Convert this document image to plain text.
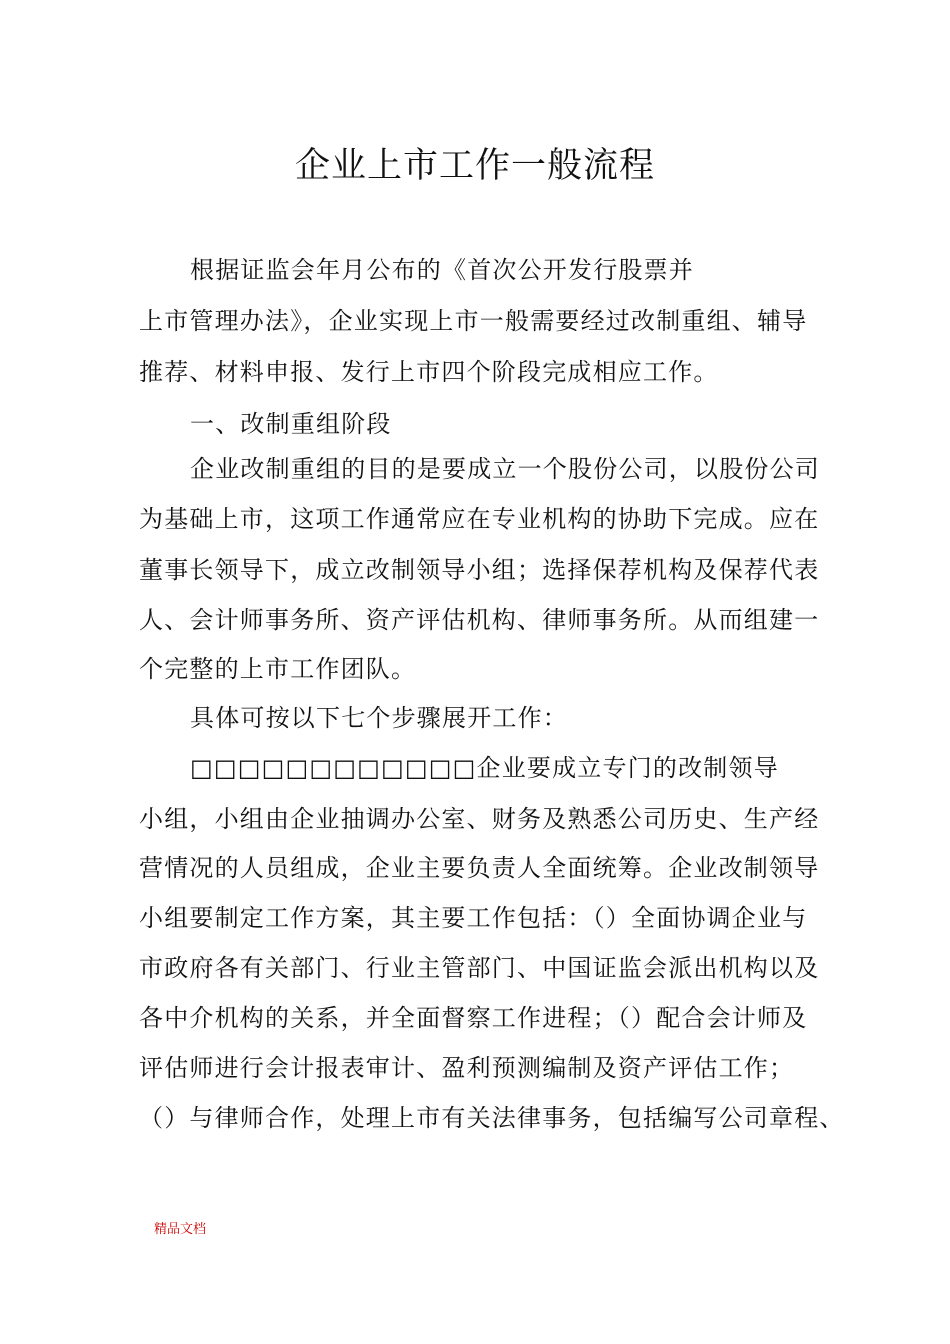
企业上市工作一般流程
根据证监会年月公布的《首次公开发行股票并
上市管理办法》，企业实现上市一般需要经过改制重组、辅导
推荐、材料申报、发行上市四个阶段完成相应工作。
一、改制重组阶段
企业改制重组的目的是要成立一个股份公司，以股份公司
为基础上市，这项工作通常应在专业机构的协助下完成。应在
董事长领导下，成立改制领导小组；选择保荐机构及保荐代表
人、会计师事务所、资产评估机构、律师事务所。从而组建一
个完整的上市工作团队。
具体可按以下七个步骤展开工作：
□□□□□□□□□□□□企业要成立专门的改制领导
小组，小组由企业抽调办公室、财务及熟悉公司历史、生产经
营情况的人员组成，企业主要负责人全面统筹。企业改制领导
小组要制定工作方案，其主要工作包括：（）全面协调企业与
市政府各有关部门、行业主管部门、中国证监会派出机构以及
各中介机构的关系，并全面督察工作进程；（）配合会计师及
评估师进行会计报表审计、盈利预测编制及资产评估工作；
（）与律师合作，处理上市有关法律事务，包括编写公司章程、
精品文档
